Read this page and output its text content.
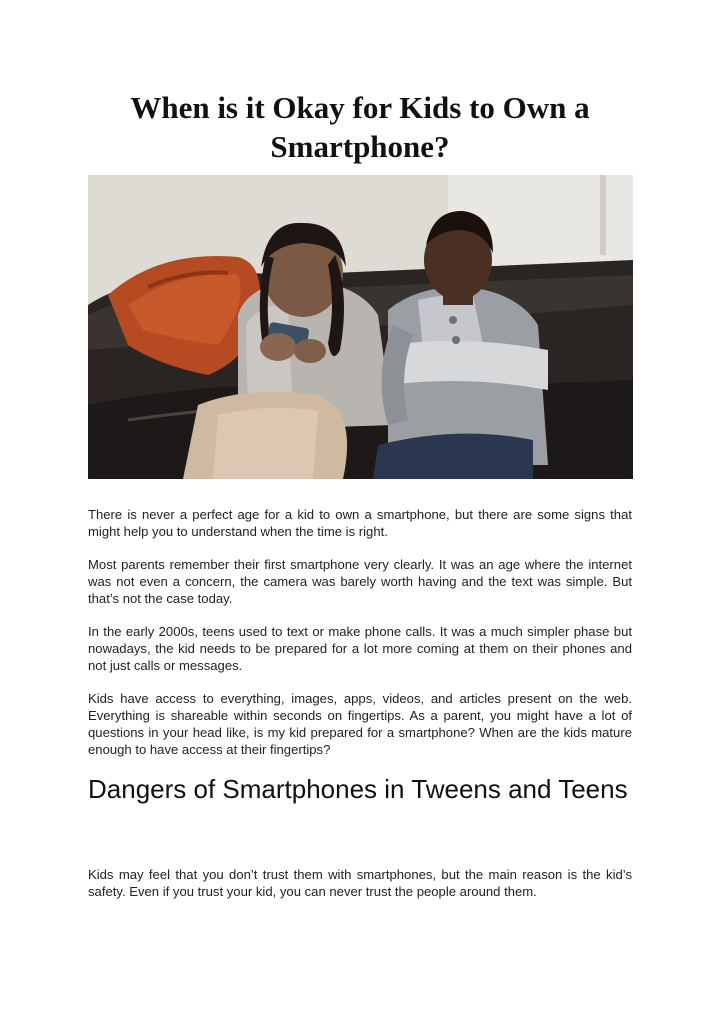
When is it Okay for Kids to Own a Smartphone?

There is never a perfect age for a kid to own a smartphone, but there are some signs that might help you to understand when the time is right.

Most parents remember their first smartphone very clearly. It was an age where the internet was not even a concern, the camera was barely worth having and the text was simple. But that’s not the case today.

In the early 2000s, teens used to text or make phone calls. It was a much simpler phase but nowadays, the kid needs to be prepared for a lot more coming at them on their phones and not just calls or messages.

Kids have access to everything, images, apps, videos, and articles present on the web. Everything is shareable within seconds on fingertips. As a parent, you might have a lot of questions in your head like, is my kid prepared for a smartphone? When are the kids mature enough to have access at their fingertips?

Dangers of Smartphones in Tweens and Teens

Kids may feel that you don’t trust them with smartphones, but the main reason is the kid’s safety. Even if you trust your kid, you can never trust the people around them.
